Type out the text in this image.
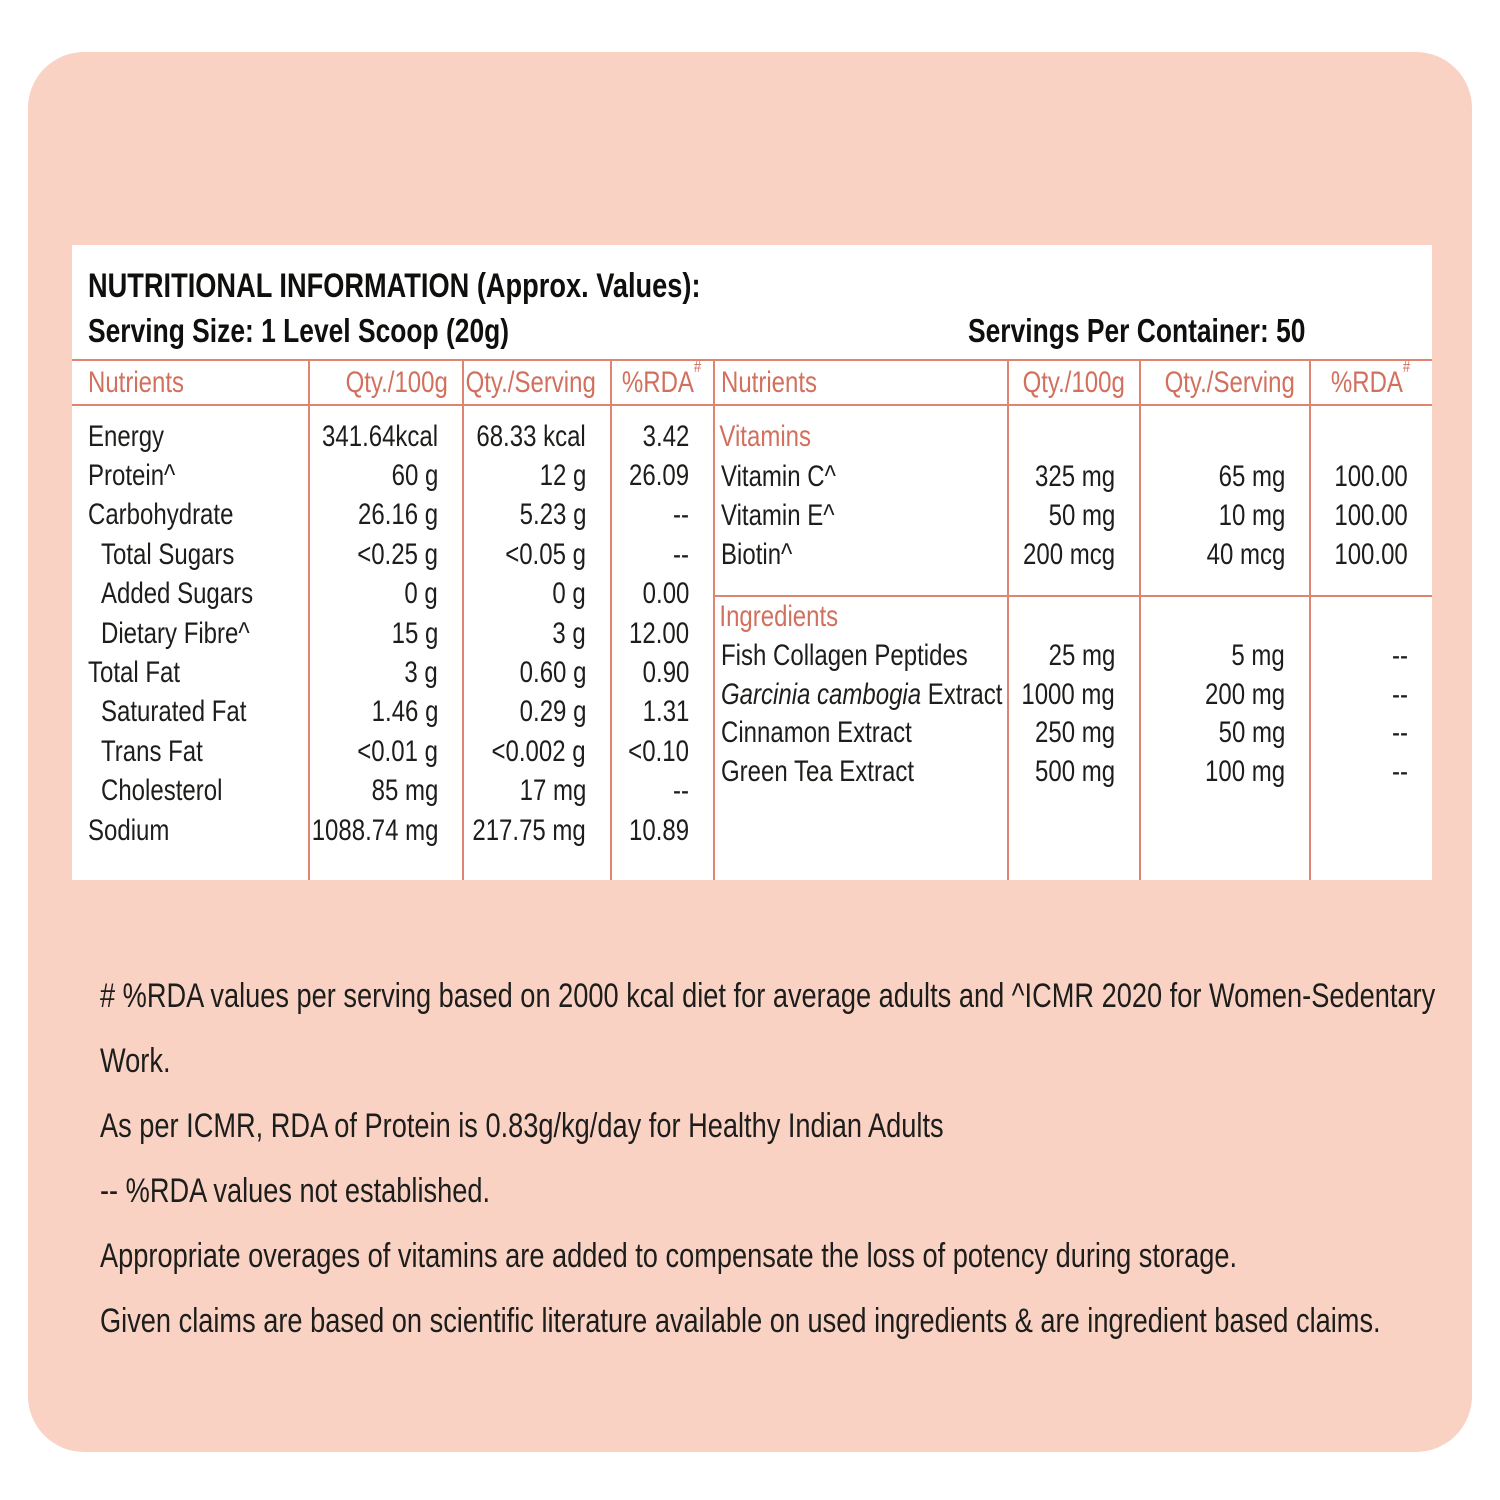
NUTRITIONAL INFORMATION (Approx. Values):
Serving Size: 1 Level Scoop (20g)	Servings Per Container: 50
Nutrients	Qty./100g Qty./Serving %RDA# Nutrients	Qty./100g Qty./Serving %RDA#
Energy	341.64kcal 68.33 kcal 3.42
Protein^	60 g	12 g 26.09
Carbohydrate	26.16 g	5.23 g	--
Total Sugars	<0.25 g <0.05 g	--
Added Sugars	0 g	0 g 0.00
Dietary Fibre^	15 g	3 g 12.00
Total Fat	3 g	0.60 g 0.90
Saturated Fat	1.46 g	0.29 g 1.31
Trans Fat	<0.01 g <0.002 g <0.10
Cholesterol	85 mg	17 mg	--
Sodium	1088.74 mg 217.75 mg 10.89
Vitamins
Vitamin C^	325 mg	65 mg 100.00
Vitamin E^	50 mg	10 mg 100.00
Biotin^	200 mcg	40 mcg 100.00
Ingredients
Fish Collagen Peptides	25 mg	5 mg	--
Garcinia cambogia Extract 1000 mg	200 mg	--
Cinnamon Extract	250 mg	50 mg	--
Green Tea Extract	500 mg	100 mg	--
# %RDA values per serving based on 2000 kcal diet for average adults and ^ICMR 2020 for Women-Sedentary
Work.
As per ICMR, RDA of Protein is 0.83g/kg/day for Healthy Indian Adults
-- %RDA values not established.
Appropriate overages of vitamins are added to compensate the loss of potency during storage.
Given claims are based on scientific literature available on used ingredients & are ingredient based claims.
